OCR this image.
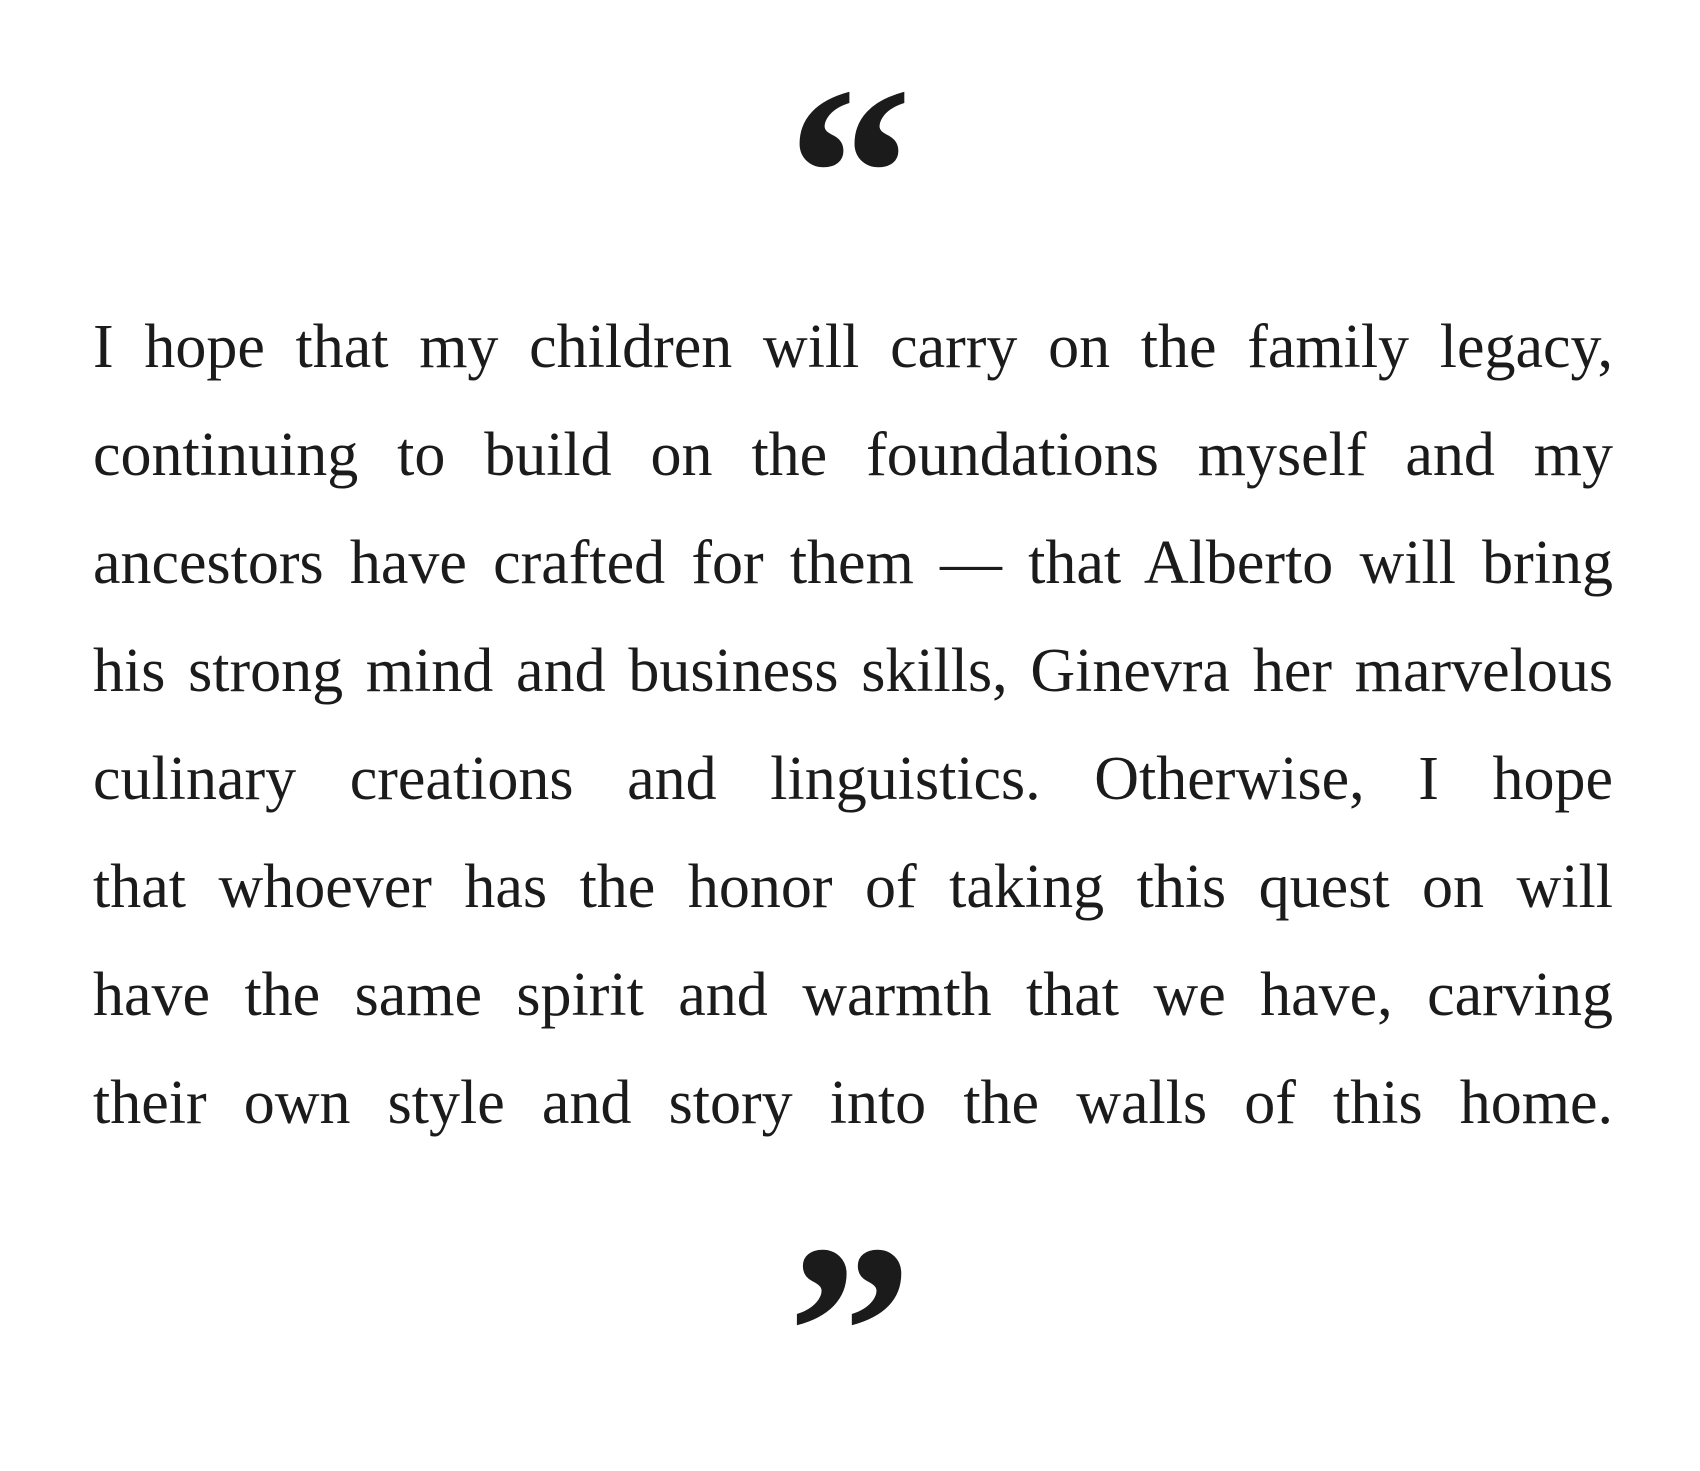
“
I hope that my children will carry on the family legacy,
continuing to build on the foundations myself and my
ancestors have crafted for them — that Alberto will bring
his strong mind and business skills, Ginevra her marvelous
culinary creations and linguistics. Otherwise, I hope
that whoever has the honor of taking this quest on will
have the same spirit and warmth that we have, carving
their own style and story into the walls of this home.
”
